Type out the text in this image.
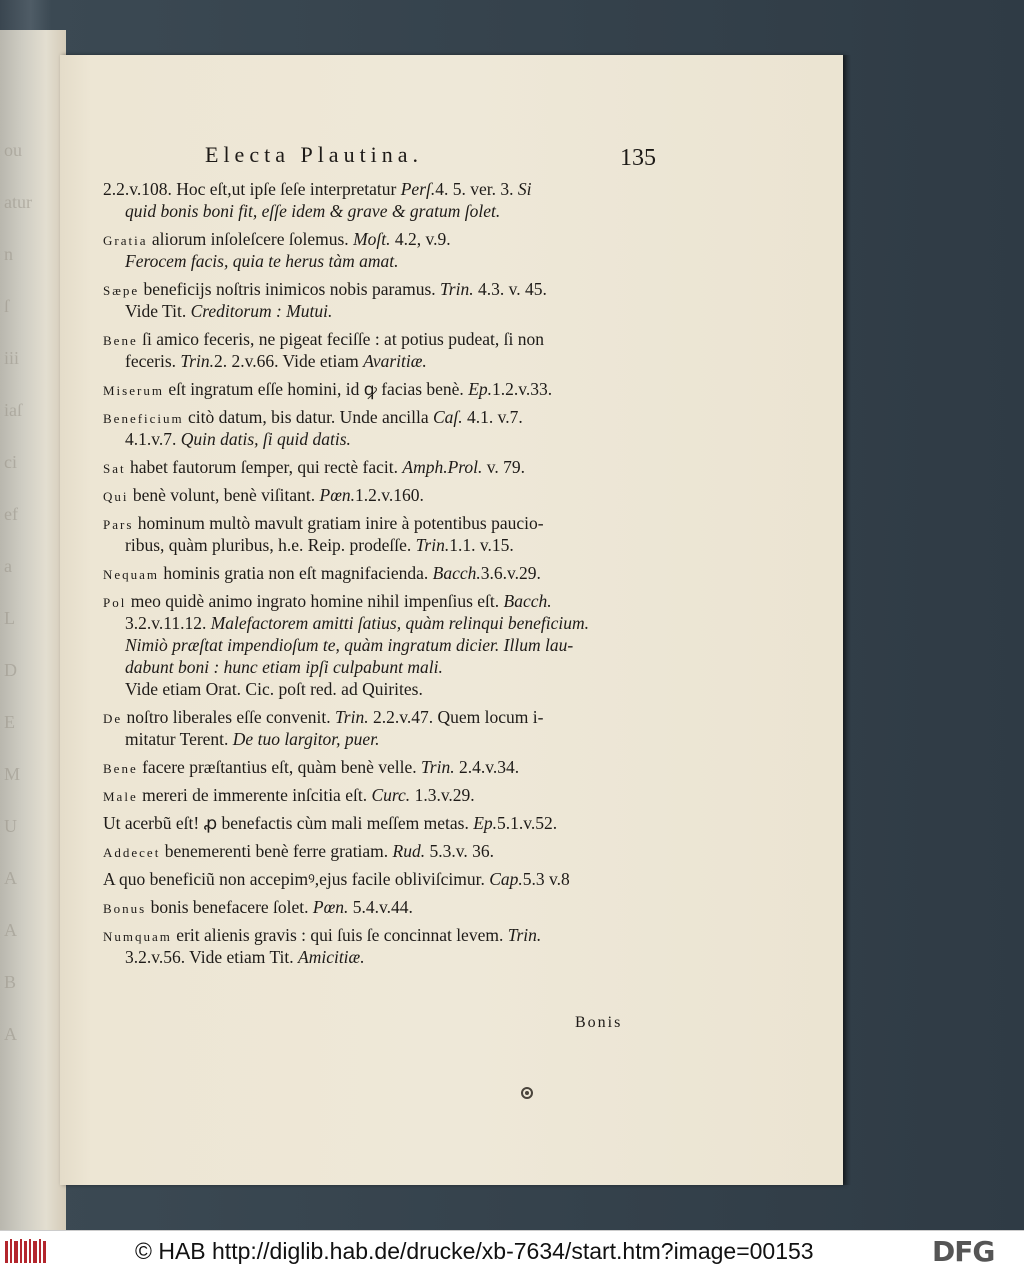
ou
atur
n
ſ
iii
iaſ
ci
ef
a
L
D
E
M
U
A
A
B
A
Electa Plautina.	135
2.2.v.108. Hoc eſt,ut ipſe ſeſe interpretatur Perſ.4. 5. ver. 3. Si
quid bonis boni fit, eſſe idem & grave & gratum ſolet.
Gratia aliorum inſoleſcere ſolemus. Moſt. 4.2, v.9.
Ferocem facis, quia te herus tàm amat.
Sæpe beneficijs noſtris inimicos nobis paramus. Trin. 4.3. v. 45.
Vide Tit. Creditorum : Mutui.
Bene ſi amico feceris, ne pigeat feciſſe : at potius pudeat, ſi non
feceris. Trin.2. 2.v.66. Vide etiam Avaritiæ.
Miserum eſt ingratum eſſe homini, id ꝙ facias benè. Ep.1.2.v.33.
Beneficium citò datum, bis datur. Unde ancilla Caſ. 4.1. v.7.
4.1.v.7. Quin datis, ſi quid datis.
Sat habet fautorum ſemper, qui rectè facit. Amph.Prol. v. 79.
Qui benè volunt, benè viſitant. Pœn.1.2.v.160.
Pars hominum multò mavult gratiam inire à potentibus paucio-
ribus, quàm pluribus, h.e. Reip. prodeſſe. Trin.1.1. v.15.
Nequam hominis gratia non eſt magnifacienda. Bacch.3.6.v.29.
Pol meo quidè animo ingrato homine nihil impenſius eſt. Bacch.
3.2.v.11.12. Malefactorem amitti ſatius, quàm relinqui beneficium.
Nimiò præſtat impendioſum te, quàm ingratum dicier. Illum lau-
dabunt boni : hunc etiam ipſi culpabunt mali.
Vide etiam Orat. Cic. poſt red. ad Quirites.
De noſtro liberales eſſe convenit. Trin. 2.2.v.47. Quem locum i-
mitatur Terent. De tuo largitor, puer.
Bene facere præſtantius eſt, quàm benè velle. Trin. 2.4.v.34.
Male mereri de immerente inſcitia eſt. Curc. 1.3.v.29.
Ut acerbũ eſt! ꝓ benefactis cùm mali meſſem metas. Ep.5.1.v.52.
Addecet benemerenti benè ferre gratiam. Rud. 5.3.v. 36.
A quo beneficiũ non accepimꝰ,ejus facile obliviſcimur. Cap.5.3 v.8
Bonus bonis benefacere ſolet. Pœn. 5.4.v.44.
Numquam erit alienis gravis : qui ſuis ſe concinnat levem. Trin.
3.2.v.56. Vide etiam Tit. Amicitiæ.
Bonis
© HAB http://diglib.hab.de/drucke/xb-7634/start.htm?image=00153	DFG
